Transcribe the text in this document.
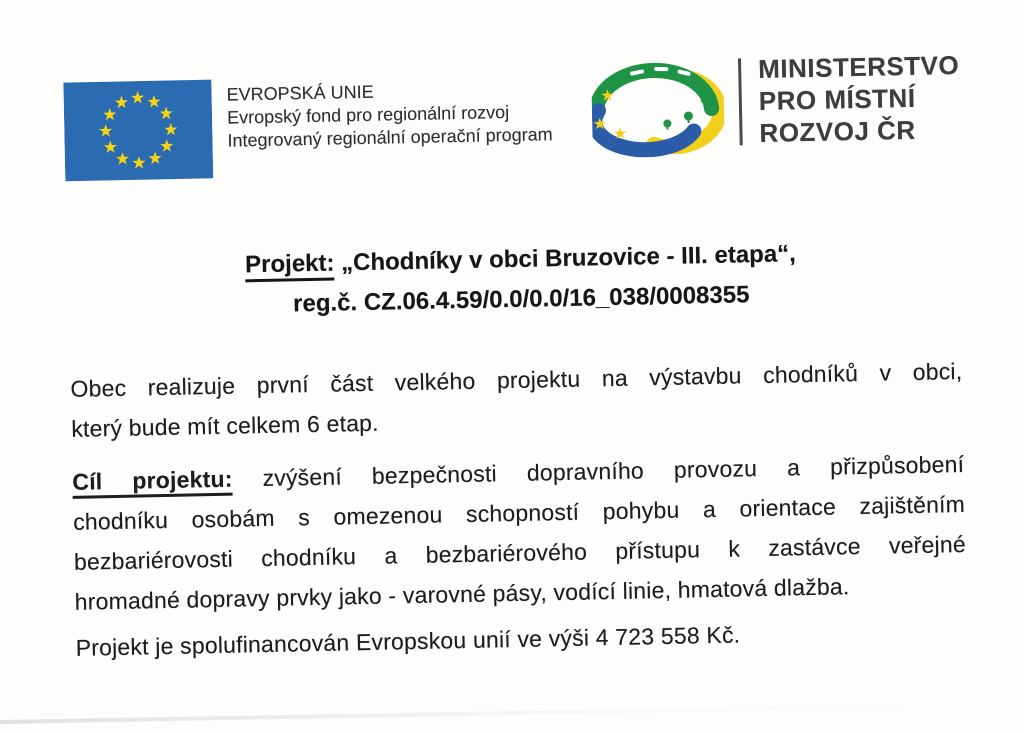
EVROPSKÁ UNIE
Evropský fond pro regionální rozvoj
Integrovaný regionální operační program
MINISTERSTVO
PRO MÍSTNÍ
ROZVOJ ČR
Projekt: „Chodníky v obci Bruzovice - III. etapa“,
reg.č. CZ.06.4.59/0.0/0.0/16_038/0008355
Obec realizuje první část velkého projektu na výstavbu chodníků v obci,
který bude mít celkem 6 etap.
Cíl projektu: zvýšení bezpečnosti dopravního provozu a přizpůsobení
chodníku osobám s omezenou schopností pohybu a orientace zajištěním
bezbariérovosti chodníku a bezbariérového přístupu k zastávce veřejné
hromadné dopravy prvky jako - varovné pásy, vodící linie, hmatová dlažba.
Projekt je spolufinancován Evropskou unií ve výši 4 723 558 Kč.
